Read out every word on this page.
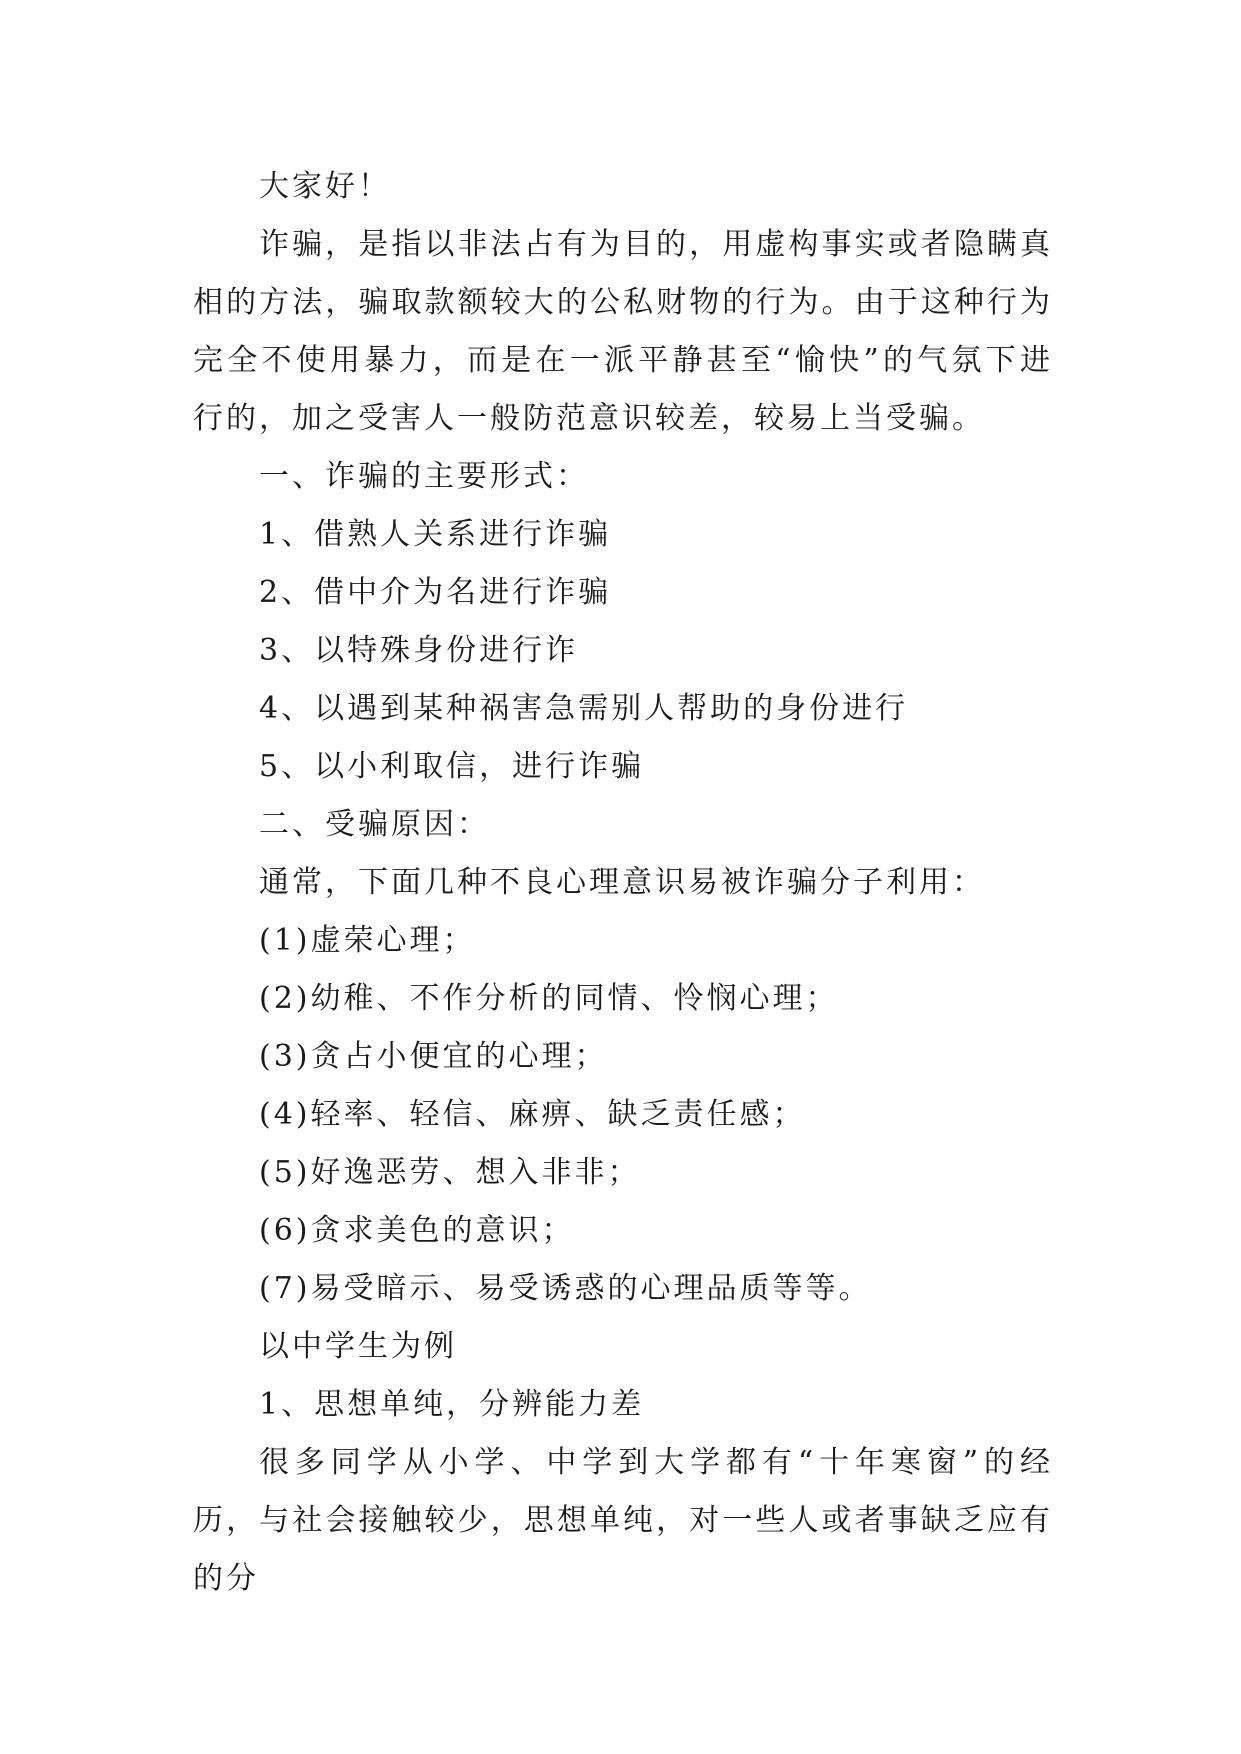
大家好！

诈骗，是指以非法占有为目的，用虚构事实或者隐瞒真相的方法，骗取款额较大的公私财物的行为。由于这种行为完全不使用暴力，而是在一派平静甚至“愉快”的气氛下进行的，加之受害人一般防范意识较差，较易上当受骗。

一、诈骗的主要形式：

1、借熟人关系进行诈骗

2、借中介为名进行诈骗

3、以特殊身份进行诈

4、以遇到某种祸害急需别人帮助的身份进行

5、以小利取信，进行诈骗

二、受骗原因：

通常，下面几种不良心理意识易被诈骗分子利用：

(1)虚荣心理；

(2)幼稚、不作分析的同情、怜悯心理；

(3)贪占小便宜的心理；

(4)轻率、轻信、麻痹、缺乏责任感；

(5)好逸恶劳、想入非非；

(6)贪求美色的意识；

(7)易受暗示、易受诱惑的心理品质等等。

以中学生为例

1、思想单纯，分辨能力差

很多同学从小学、中学到大学都有“十年寒窗”的经历，与社会接触较少，思想单纯，对一些人或者事缺乏应有的分
